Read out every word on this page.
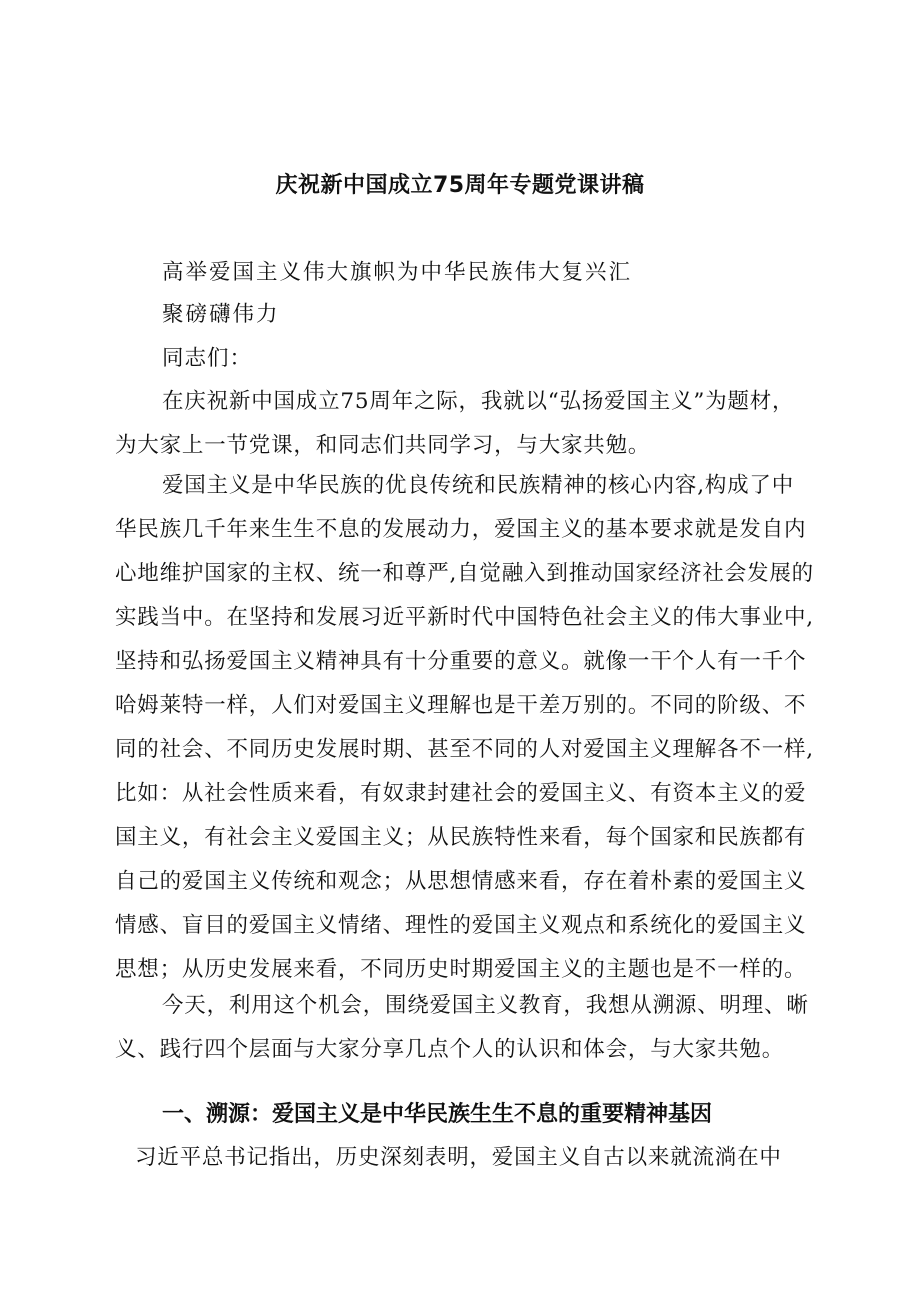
庆祝新中国成立75周年专题党课讲稿
高举爱国主义伟大旗帜为中华民族伟大复兴汇
聚磅礴伟力
同志们：
在庆祝新中国成立75周年之际，我就以“弘扬爱国主义”为题材，
为大家上一节党课，和同志们共同学习，与大家共勉。
爱国主义是中华民族的优良传统和民族精神的核心内容,构成了中
华民族几千年来生生不息的发展动力，爱国主义的基本要求就是发自内
心地维护国家的主权、统一和尊严,自觉融入到推动国家经济社会发展的
实践当中。在坚持和发展习近平新时代中国特色社会主义的伟大事业中,
坚持和弘扬爱国主义精神具有十分重要的意义。就像一干个人有一千个
哈姆莱特一样，人们对爱国主义理解也是干差万别的。不同的阶级、不
同的社会、不同历史发展时期、甚至不同的人对爱国主义理解各不一样,
比如：从社会性质来看，有奴隶封建社会的爱国主义、有资本主义的爱
国主义，有社会主义爱国主义；从民族特性来看，每个国家和民族都有
自己的爱国主义传统和观念；从思想情感来看，存在着朴素的爱国主义
情感、盲目的爱国主义情绪、理性的爱国主义观点和系统化的爱国主义
思想；从历史发展来看，不同历史时期爱国主义的主题也是不一样的。
今天，利用这个机会，围绕爱国主义教育，我想从溯源、明理、晰
义、践行四个层面与大家分享几点个人的认识和体会，与大家共勉。
一、溯源：爱国主义是中华民族生生不息的重要精神基因
习近平总书记指出，历史深刻表明，爱国主义自古以来就流淌在中
